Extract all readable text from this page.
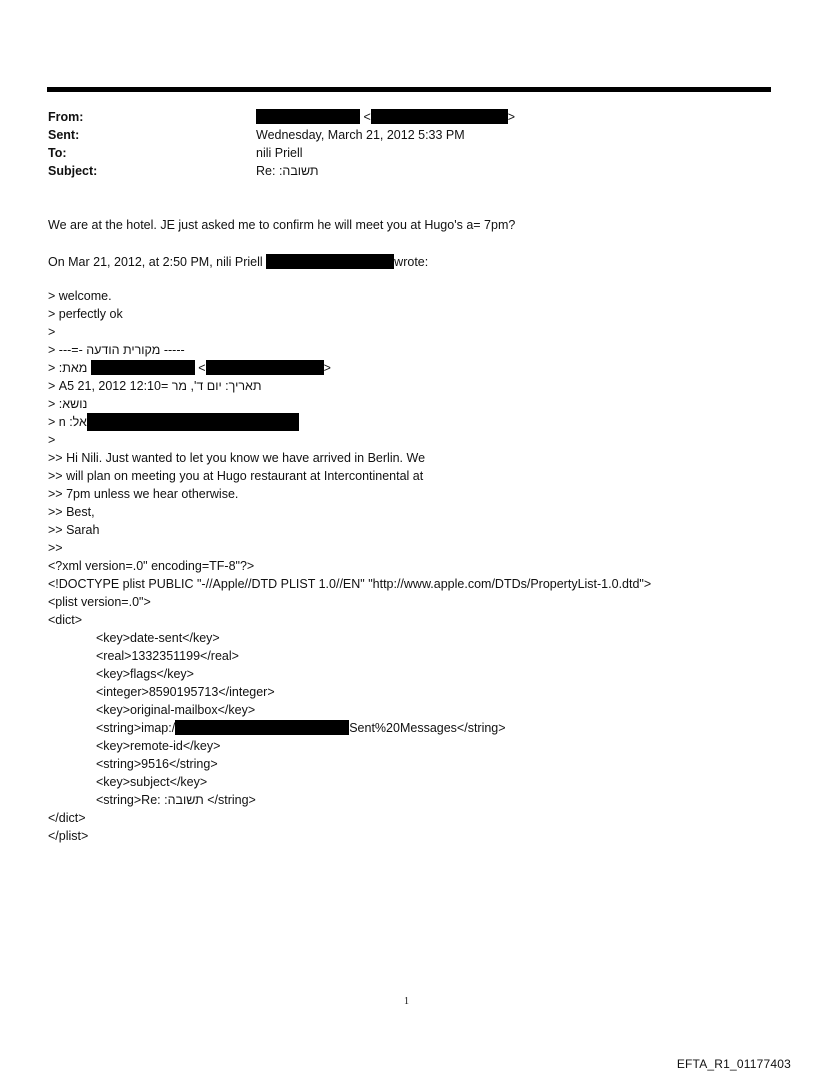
From:	<	>
Sent:	Wednesday, March 21, 2012 5:33 PM
To:	nili Priell
Subject:	Re: תשובה:
We are at the hotel. JE just asked me to confirm he will meet you at Hugo's a= 7pm?
On Mar 21, 2012, at 2:50 PM, nili Priell	wrote:
> welcome.
> perfectly ok
>
> ----- מקורית הודעה -=---
> מאת:	<	>
> תאריך: יום ד', מר =A5 21, 2012 12:10
> נושא:
> אל: n
>
>> Hi Nili. Just wanted to let you know we have arrived in Berlin. We
>> will plan on meeting you at Hugo restaurant at Intercontinental at
>> 7pm unless we hear otherwise.
>> Best,
>> Sarah
>>
<?xml version=.0" encoding=TF-8"?>
<!DOCTYPE plist PUBLIC "-//Apple//DTD PLIST 1.0//EN" "http://www.apple.com/DTDs/PropertyList-1.0.dtd">
<plist version=.0">
<dict>
<key>date-sent</key>
<real>1332351199</real>
<key>flags</key>
<integer>8590195713</integer>
<key>original-mailbox</key>
<string>imap:/	Sent%20Messages</string>
<key>remote-id</key>
<string>9516</string>
<key>subject</key>
<string>Re: תשובה: </string>
</dict>
</plist>
1
EFTA_R1_01177403
